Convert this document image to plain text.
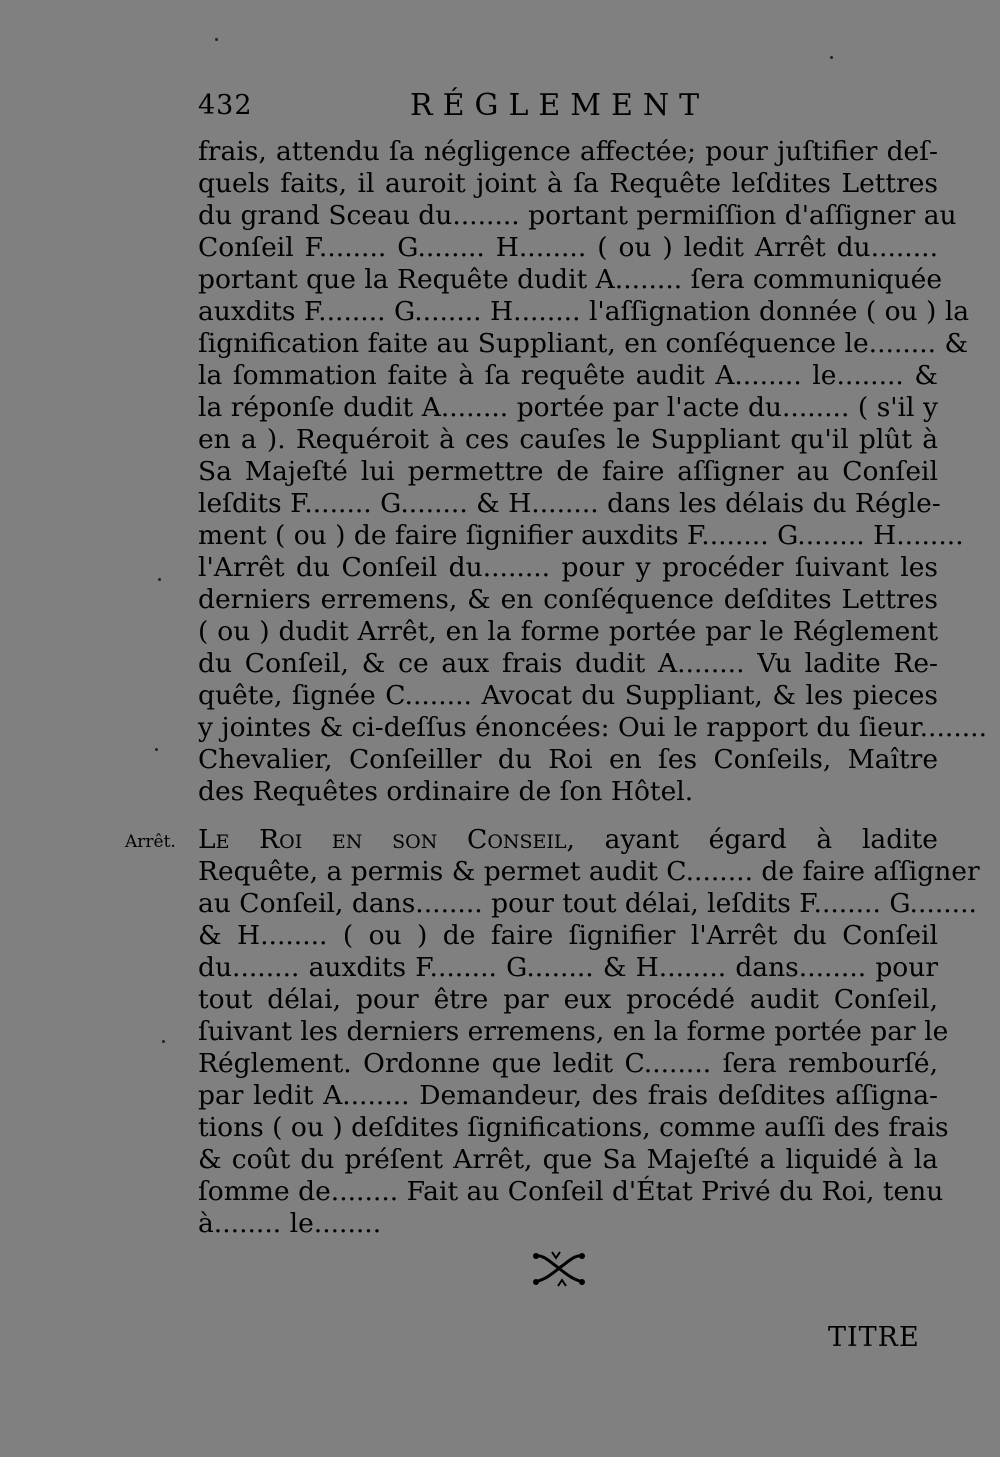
432	RÉGLEMENT
frais, attendu ſa négligence affectée; pour juſtifier deſ-
quels faits, il auroit joint à ſa Requête leſdites Lettres
du grand Sceau du........ portant permiſſion d'aſſigner au
Conſeil F........ G........ H........ ( ou ) ledit Arrêt du........
portant que la Requête dudit A........ ſera communiquée
auxdits F........ G........ H........ l'aſſignation donnée ( ou ) la
ſignification faite au Suppliant, en conſéquence le........ &
la ſommation faite à ſa requête audit A........ le........ &
la réponſe dudit A........ portée par l'acte du........ ( s'il y
en a ). Requéroit à ces cauſes le Suppliant qu'il plût à
Sa Majeſté lui permettre de faire aſſigner au Conſeil
leſdits F........ G........ & H........ dans les délais du Régle-
ment ( ou ) de faire ſignifier auxdits F........ G........ H........
l'Arrêt du Conſeil du........ pour y procéder ſuivant les
derniers erremens, & en conſéquence deſdites Lettres
( ou ) dudit Arrêt, en la forme portée par le Réglement
du Conſeil, & ce aux frais dudit A........ Vu ladite Re-
quête, ſignée C........ Avocat du Suppliant, & les pieces
y jointes & ci-deſſus énoncées: Oui le rapport du ſieur........
Chevalier, Conſeiller du Roi en ſes Conſeils, Maître
des Requêtes ordinaire de ſon Hôtel.
Arrêt. Le Roi en son Conseil, ayant égard à ladite
Requête, a permis & permet audit C........ de faire aſſigner
au Conſeil, dans........ pour tout délai, leſdits F........ G........
& H........ ( ou ) de faire ſignifier l'Arrêt du Conſeil
du........ auxdits F........ G........ & H........ dans........ pour
tout délai, pour être par eux procédé audit Conſeil,
ſuivant les derniers erremens, en la forme portée par le
Réglement. Ordonne que ledit C........ ſera rembourſé,
par ledit A........ Demandeur, des frais deſdites aſſigna-
tions ( ou ) deſdites ſignifications, comme auſſi des frais
& coût du préſent Arrêt, que Sa Majeſté a liquidé à la
ſomme de........ Fait au Conſeil d'État Privé du Roi, tenu
à........ le........
TITRE
